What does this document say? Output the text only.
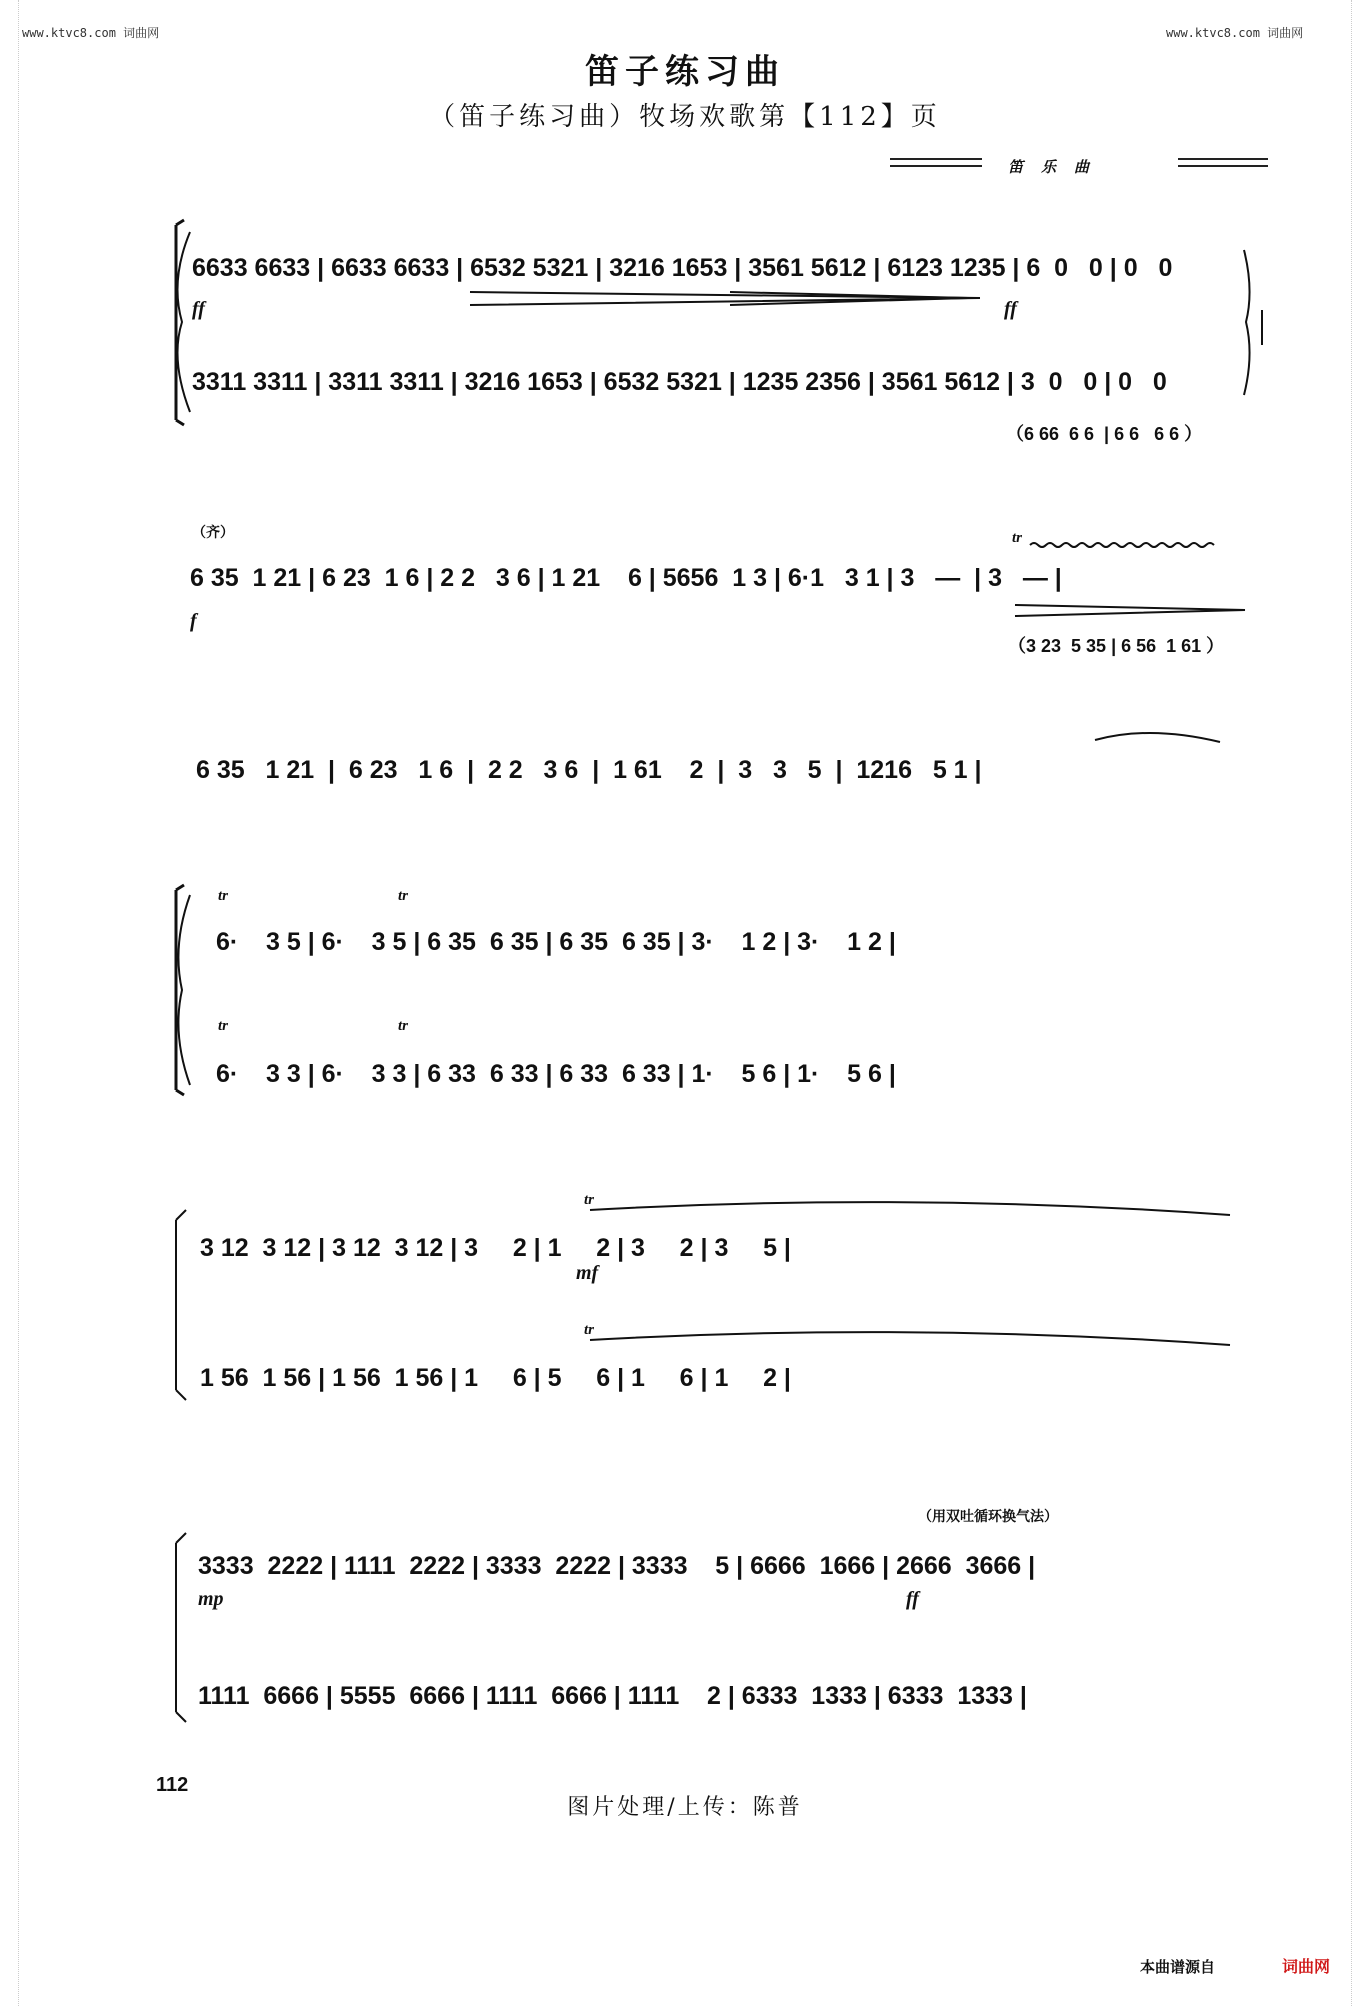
www.ktvc8.com 词曲网	www.ktvc8.com 词曲网
笛子练习曲
（笛子练习曲）牧场欢歌第【112】页
笛乐曲
6633 6633 | 6633 6633 | 6532 5321 | 3216 1653 | 3561 5612 | 6123 1235 | 6  0   0 | 0   0
ff	ff
3311 3311 | 3311 3311 | 3216 1653 | 6532 5321 | 1235 2356 | 3561 5612 | 3  0   0 | 0   0
（6 66  6 6  | 6 6   6 6 ）
（齐）	tr
6 35  1 21 | 6 23  1 6 | 2 2   3 6 | 1 21    6 | 5656  1 3 | 6·1   3 1 | 3   —  | 3   — |
f
（3 23  5 35 | 6 56  1 61 ）
6 35   1 21  |  6 23   1 6  |  2 2   3 6  |  1 61    2  |  3   3   5  |  1216   5 1 |
tr	tr
6·    3 5 | 6·    3 5 | 6 35  6 35 | 6 35  6 35 | 3·    1 2 | 3·    1 2 |
tr	tr
6·    3 3 | 6·    3 3 | 6 33  6 33 | 6 33  6 33 | 1·    5 6 | 1·    5 6 |
tr
3 12  3 12 | 3 12  3 12 | 3     2 | 1     2 | 3     2 | 3     5 |
mf
tr
1 56  1 56 | 1 56  1 56 | 1     6 | 5     6 | 1     6 | 1     2 |
（用双吐循环换气法）
3333  2222 | 1111  2222 | 3333  2222 | 3333    5 | 6666  1666 | 2666  3666 |
mp	ff
1111  6666 | 5555  6666 | 1111  6666 | 1111    2 | 6333  1333 | 6333  1333 |
112
图片处理/上传：陈普
本曲谱源自	词曲网
